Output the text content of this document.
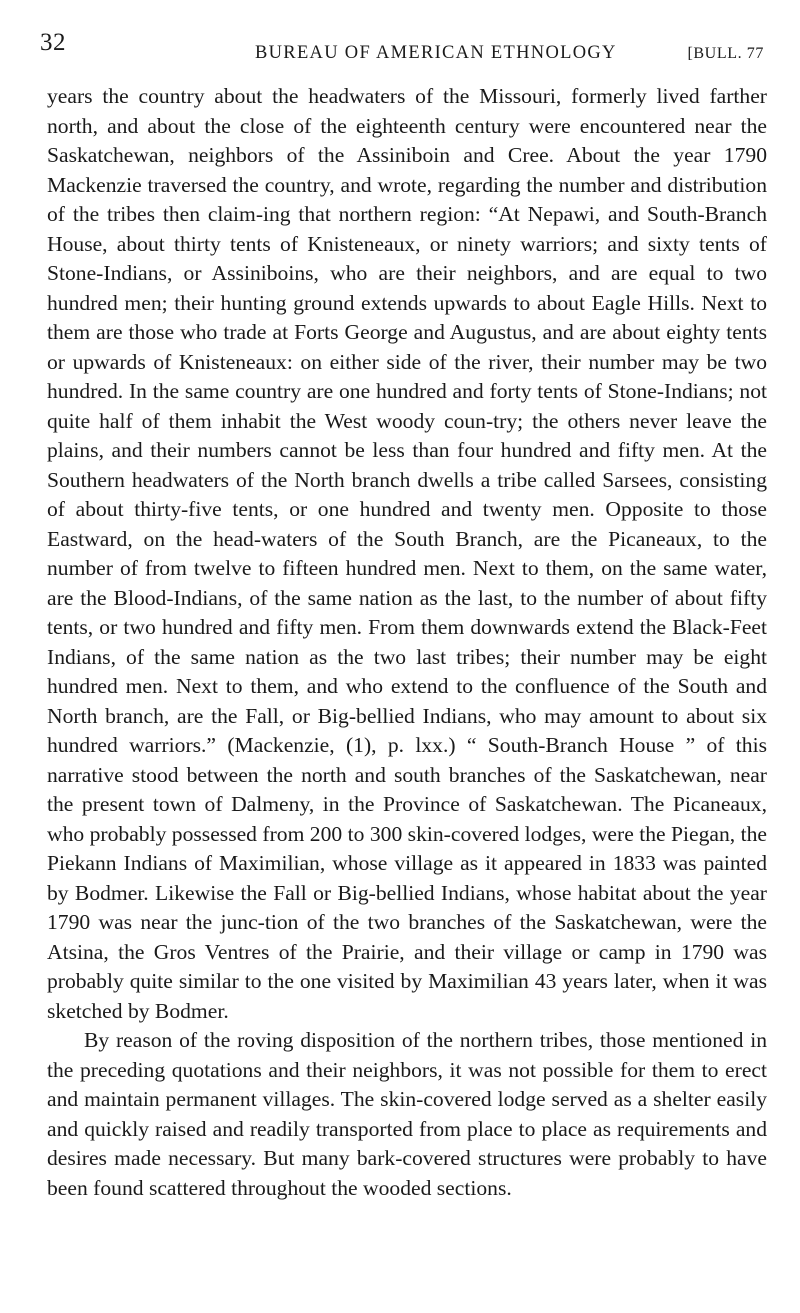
32	BUREAU OF AMERICAN ETHNOLOGY	[BULL. 77

years the country about the headwaters of the Missouri, formerly lived farther north, and about the close of the eighteenth century were encountered near the Saskatchewan, neighbors of the Assiniboin and Cree. About the year 1790 Mackenzie traversed the country, and wrote, regarding the number and distribution of the tribes then claim-ing that northern region: “At Nepawi, and South-Branch House, about thirty tents of Knisteneaux, or ninety warriors; and sixty tents of Stone-Indians, or Assiniboins, who are their neighbors, and are equal to two hundred men; their hunting ground extends upwards to about Eagle Hills. Next to them are those who trade at Forts George and Augustus, and are about eighty tents or upwards of Knisteneaux: on either side of the river, their number may be two hundred. In the same country are one hundred and forty tents of Stone-Indians; not quite half of them inhabit the West woody coun-try; the others never leave the plains, and their numbers cannot be less than four hundred and fifty men. At the Southern headwaters of the North branch dwells a tribe called Sarsees, consisting of about thirty-five tents, or one hundred and twenty men. Opposite to those Eastward, on the head-waters of the South Branch, are the Picaneaux, to the number of from twelve to fifteen hundred men. Next to them, on the same water, are the Blood-Indians, of the same nation as the last, to the number of about fifty tents, or two hundred and fifty men. From them downwards extend the Black-Feet Indians, of the same nation as the two last tribes; their number may be eight hundred men. Next to them, and who extend to the confluence of the South and North branch, are the Fall, or Big-bellied Indians, who may amount to about six hundred warriors.” (Mackenzie, (1), p. lxx.) “ South-Branch House ” of this narrative stood between the north and south branches of the Saskatchewan, near the present town of Dalmeny, in the Province of Saskatchewan. The Picaneaux, who probably possessed from 200 to 300 skin-covered lodges, were the Piegan, the Piekann Indians of Maximilian, whose village as it appeared in 1833 was painted by Bodmer. Likewise the Fall or Big-bellied Indians, whose habitat about the year 1790 was near the junc-tion of the two branches of the Saskatchewan, were the Atsina, the Gros Ventres of the Prairie, and their village or camp in 1790 was probably quite similar to the one visited by Maximilian 43 years later, when it was sketched by Bodmer.

By reason of the roving disposition of the northern tribes, those mentioned in the preceding quotations and their neighbors, it was not possible for them to erect and maintain permanent villages. The skin-covered lodge served as a shelter easily and quickly raised and readily transported from place to place as requirements and desires made necessary. But many bark-covered structures were probably to have been found scattered throughout the wooded sections.
